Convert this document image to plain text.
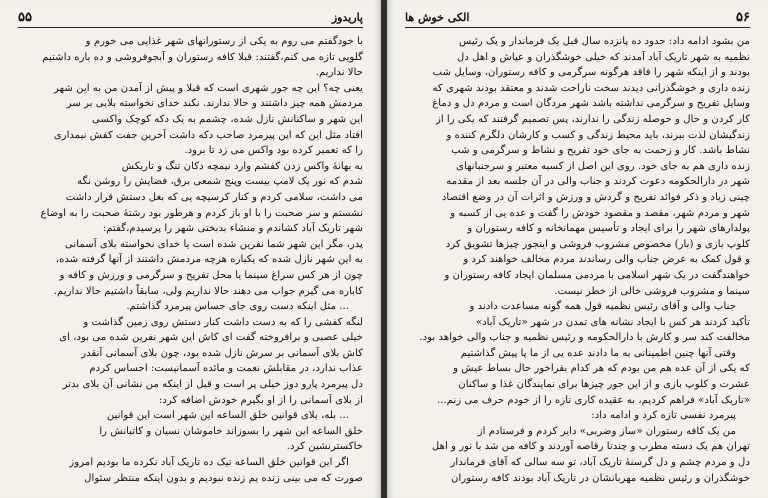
پاریدوز
۵۵
با خودگفتم می روم به یکی از رستورانهای شهر غذایی می خورم و
گلویی تازه می کنم،گفتند: قبلا کافه رستوران و آبجوفروشی و ده باره داشتیم
حالا نداریم.
یعنی چه؟ این چه جور شهری است که قبلا و پیش از آمدن من به این شهر
مردمش همه چیز داشتند و حالا ندارند. نکند خدای نخواسته بلایی بر سر
این شهر و ساکنانش نازل شده، چشمم به یک دکه کوچک واکسی
افتاد مثل این که این پیرمرد صاحب دکه داشت آخرین جفت کفش نیمداری
را که تعمیر کرده بود واکس می زد تا برود.
به بهانهٔ واکس زدن کفشم وارد نیمچه دکان تنگ و تاریکش
شدم که نور یک لامپ بیست وپنج شمعی برق، فضایش را روشن نگه
می داشت، سلامی کردم و کنار کرسیچه یی که بغل دستش قرار داشت
نشستم و سر صحبت را با او باز کردم و هرطور بود رشتهٔ صحبت را به اوضاع
شهر تاریک آباد کشاندم و منشاء بدبختی شهر را پرسیدم،گفتم:
پدر، مگر این شهر شما نفرین شده است یا خدای نخواسته بلای آسمانی
به این شهر نازل شده که یکباره هرچه مردمش داشتند از آنها گرفته شده،
چون از هر کس سراغ سینما یا محل تفریح و سرگرمی و ورزش و کافه و
کاباره می گیرم جواب می دهند حالا نداریم ولی، سابقاً داشتیم حالا نداریم.
... مثل اینکه دست روی جای حساس پیرمرد گذاشتم.
لنگه کفشی را که به دست داشت کنار دستش روی زمین گذاشت و
خیلی عصبی و برافروخته گفت ای کاش این شهر نفرین شده می بود، ای
کاش بلای آسمانی بر سرش نازل شده بود، چون بلای آسمانی آنقدر
عذاب ندارد، در مقابلش نعمت و مائده آسمانیست: احساس کردم
دل پیرمرد پارو دوز خیلی پر است و قبل از اینکه من نشانی آن بلای بدتر
از بلای آسمانی را از او بگیرم خودش اضافه کرد:
... بله، بلای قوانین خلق الساعه این شهر است این قوانین
خلق الساعه این شهر را بسوزاند خاموشان نسیان و کاتبانش را
خاکسترنشین کرد.
اگر این قوانین خلق الساعه تیک ده تاریک آباد نکرده ما بودیم امروز
صورت که می بینی زنده یم زنده نبودیم و بدون اینکه منتظر سئوال
۵۶
الکی خوش ها
من بشود ادامه داد: حدود ده پانزده سال قبل یک فرماندار و یک رئیس
نظمیه به شهر تاریک آباد آمدند که خیلی خوشگذران و عیاش و اهل دل
بودند و از اینکه شهر را فاقد هرگونه سرگرمی و کافه رستوران، وسایل شب
زنده داری و خوشگذرانی دیدند سخت ناراحت شدند و معتقد بودند شهری که
وسایل تفریح و سرگرمی نداشته باشد شهر مردگان است و مردم دل و دماغ
کار کردن و حال و حوصله زندگی را ندارند، پس تصمیم گرفتند که یکی را از
زندگیشان لذت ببرند، باید محیط زندگی و کسب و کارشان دلگرم کننده و
نشاط باشد. کار و زحمت به جای خود تفریح و نشاط و سرگرمی و شب
زنده داری هم به جای خود. روی این اصل از کسبه معتبر و سرجنبانهای
شهر در دارالحکومه دعوت کردند و جناب والی در آن جلسه بعد از مقدمه
چینی زیاد و ذکر فوائد تفریح و گردش و ورزش و اثرات آن در وضع اقتصاد
شهر و مردم شهر، مقصد و مقصود خودش را گفت و عده یی از کسبه و
پولدارهای شهر را برای ایجاد و تأسیس مهمانخانه و کافه رستوران و
کلوپ بازی و (بار) مخصوص مشروب فروشی و اینجور چیزها تشویق کرد
و قول کمک به عرض جناب والی رساندند مردم مخالف خواهند کرد و
خواهندگفت در یک شهر اسلامی با مردمی مسلمان ایجاد کافه رستوران و
سینما و مشروب فروشی خالی از خطر نیست.
جناب والی و آقای رئیس نظمیه قول همه گونه مساعدت دادند و
تأکید کردند هر کس با ایجاد نشانه های تمدن در شهر «تاریک آباد»
مخالفت کند سر و کارش با دارالحکومه و رئیس نظمیه و جناب والی خواهد بود.
وقتی آنها چنین اطمینانی به ما دادند عده یی از ما پا پیش گذاشتیم
که یکی از آن عده هم من بودم که هر کدام بفراخور حال بساط عیش و
عشرت و کلوپ بازی و از این جور چیزها برای نمایندگان غذا و ساکنان
«تاریک آباد» فراهم کردیم، به عقیده کاری تازه را از خودم حرف می زنم...
پیرمرد نفسی تازه کرد و ادامه داد:
من یک کافه رستوران «ساز وضربی» دایر کردم و فرستادم از
تهران هم یک دسته مطرب و چندتا رقاصه آوردند و کافه من شد با نور و اهل
دل و مردم چشم و دل گرسنهٔ تاریک آباد، تو سه سالی که آقای فرماندار
خوشگذران و رئیس نظمیه مهربانشان در تاریک آباد بودند کافه رستوران
